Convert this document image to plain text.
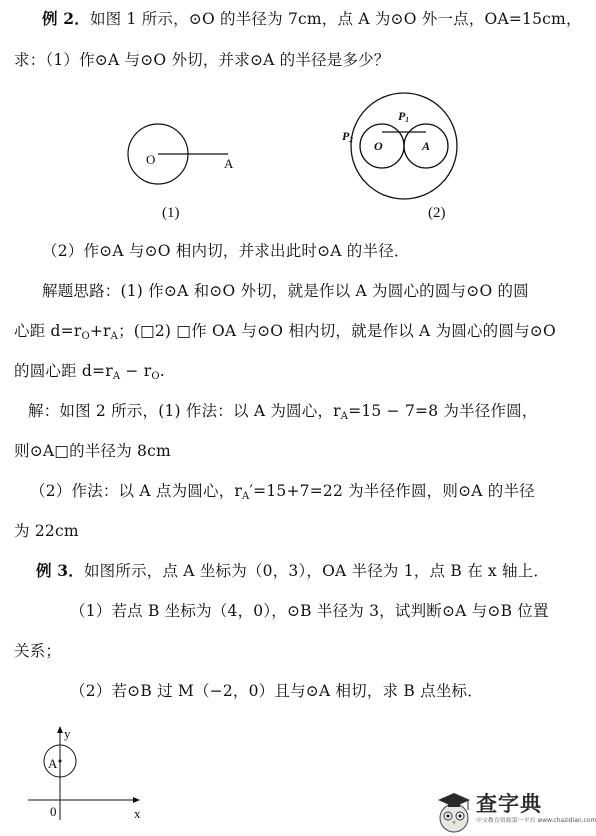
例 2．如图 1 所示，⊙O 的半径为 7cm，点 A 为⊙O 外一点，OA=15cm，
求：（1）作⊙A 与⊙O 外切，并求⊙A 的半径是多少？
O	A
(1)
P1
P2 O	A
(2)
（2）作⊙A 与⊙O 相内切，并求出此时⊙A 的半径．
解题思路：(1) 作⊙A 和⊙O 外切，就是作以 A 为圆心的圆与⊙O 的圆
心距 $d=r_O+r_A$；(□2) □作 OA 与⊙O 相内切，就是作以 A 为圆心的圆与⊙O
的圆心距 $d=r_A - r_O$.
解：如图 2 所示，(1) 作法：以 A 为圆心，$r_A=15 - 7=8$ 为半径作圆，
则⊙A□的半径为 8cm
（2）作法：以 A 点为圆心，$r_A'=15+7=22$ 为半径作圆，则⊙A 的半径
为 22cm
例 3．如图所示，点 A 坐标为（0，3），OA 半径为 1，点 B 在 x 轴上．
（1）若点 B 坐标为（4，0），⊙B 半径为 3，试判断⊙A 与⊙B 位置
关系；
（2）若⊙B 过 M（−2，0）且与⊙A 相切，求 B 点坐标．
y
A
0	x	查字典
中文教育资源第一平台 www.chazidian.com
